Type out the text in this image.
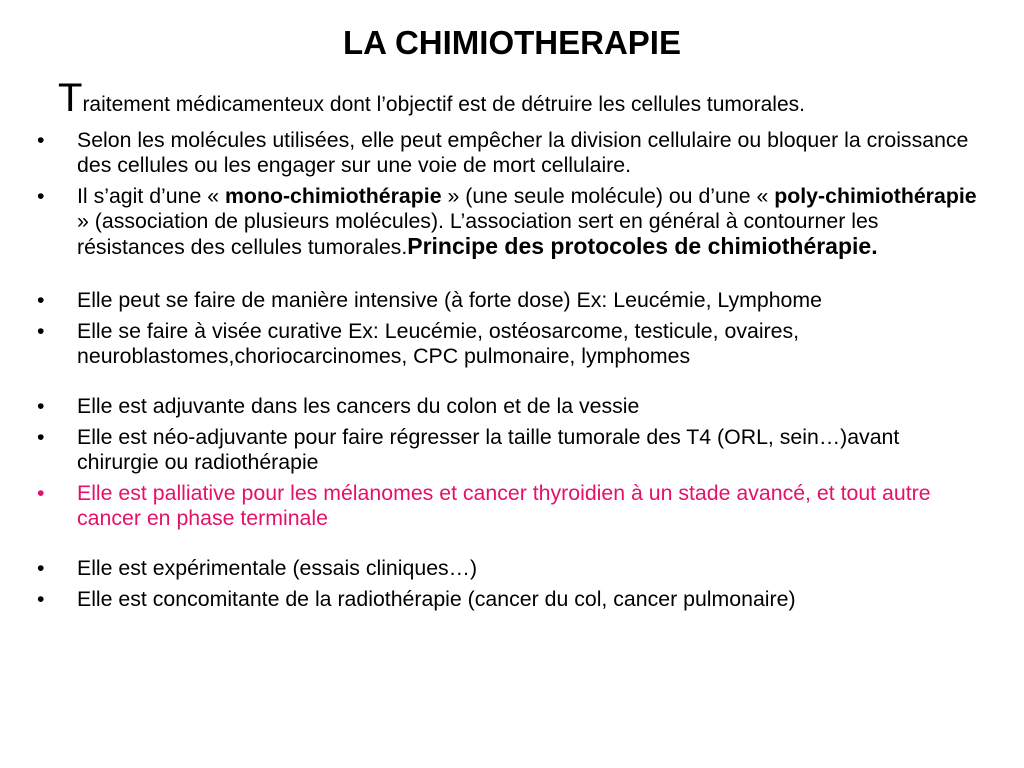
LA CHIMIOTHERAPIE
Traitement médicamenteux dont l’objectif est de détruire les cellules tumorales.
• Selon les molécules utilisées, elle peut empêcher la division cellulaire ou bloquer la croissance des cellules ou les engager sur une voie de mort cellulaire.
• Il s’agit d’une « mono-chimiothérapie » (une seule molécule) ou d’une « poly-chimiothérapie » (association de plusieurs molécules). L’association sert en général à contourner les résistances des cellules tumorales.Principe des protocoles de chimiothérapie.
• Elle peut se faire de manière intensive (à forte dose) Ex: Leucémie, Lymphome
• Elle se faire à visée curative Ex: Leucémie, ostéosarcome, testicule, ovaires, neuroblastomes,choriocarcinomes, CPC pulmonaire, lymphomes
• Elle est adjuvante dans les cancers du colon et de la vessie
• Elle est néo-adjuvante pour faire régresser la taille tumorale des T4 (ORL, sein…)avant chirurgie ou radiothérapie
• Elle est palliative pour les mélanomes et cancer thyroidien à un stade avancé, et tout autre cancer en phase terminale
• Elle est expérimentale (essais cliniques…)
• Elle est concomitante de la radiothérapie (cancer du col, cancer pulmonaire)
